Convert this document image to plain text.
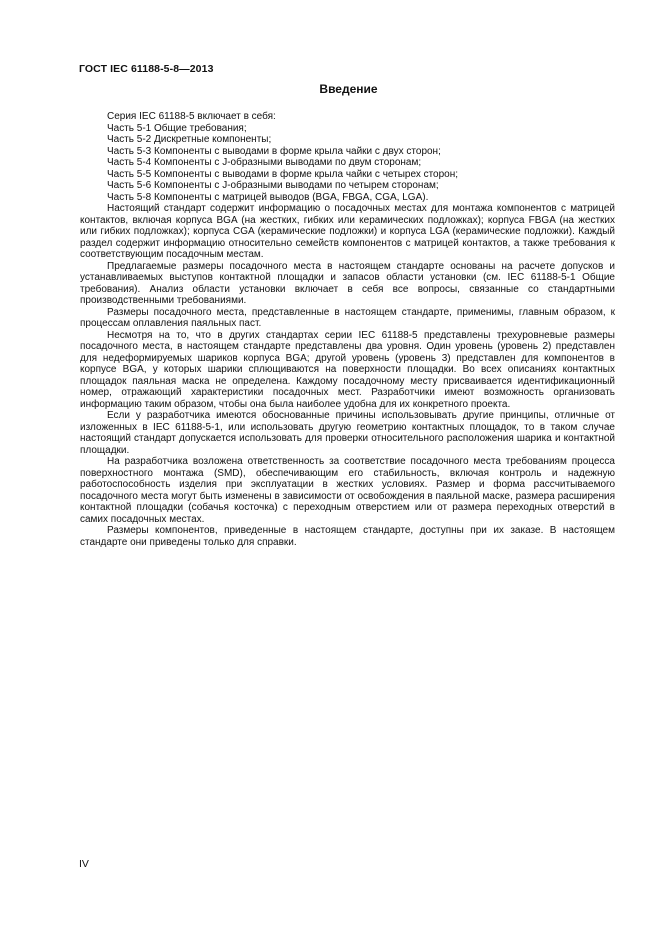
ГОСТ IEC 61188-5-8—2013
Введение

Серия IEC 61188-5 включает в себя:

Часть 5-1 Общие требования;

Часть 5-2 Дискретные компоненты;

Часть 5-3 Компоненты с выводами в форме крыла чайки с двух сторон;

Часть 5-4 Компоненты с J-образными выводами по двум сторонам;

Часть 5-5 Компоненты с выводами в форме крыла чайки с четырех сторон;

Часть 5-6 Компоненты с J-образными выводами по четырем сторонам;

Часть 5-8 Компоненты с матрицей выводов (BGA, FBGA, CGA, LGA).

Настоящий стандарт содержит информацию о посадочных местах для монтажа компонентов с матрицей контактов, включая корпуса BGA (на жестких, гибких или керамических подложках); корпуса FBGA (на жестких или гибких подложках); корпуса CGA (керамические подложки) и корпуса LGA (керамические подложки). Каждый раздел содержит информацию относительно семейств компонентов с матрицей контактов, а также требования к соответствующим посадочным местам.

Предлагаемые размеры посадочного места в настоящем стандарте основаны на расчете допусков и устанавливаемых выступов контактной площадки и запасов области установки (см. IEC 61188-5-1 Общие требования). Анализ области установки включает в себя все вопросы, связанные со стандартными производственными требованиями.

Размеры посадочного места, представленные в настоящем стандарте, применимы, главным образом, к процессам оплавления паяльных паст.

Несмотря на то, что в других стандартах серии IEC 61188-5 представлены трехуровневые размеры посадочного места, в настоящем стандарте представлены два уровня. Один уровень (уровень 2) представлен для недеформируемых шариков корпуса BGA; другой уровень (уровень 3) представлен для компонентов в корпусе BGA, у которых шарики сплющиваются на поверхности площадки. Во всех описаниях контактных площадок паяльная маска не определена. Каждому посадочному месту присваивается идентификационный номер, отражающий характеристики посадочных мест. Разработчики имеют возможность организовать информацию таким образом, чтобы она была наиболее удобна для их конкретного проекта.

Если у разработчика имеются обоснованные причины использовывать другие принципы, отличные от изложенных в IEC 61188-5-1, или использовать другую геометрию контактных площадок, то в таком случае настоящий стандарт допускается использовать для проверки относительного расположения шарика и контактной площадки.

На разработчика возложена ответственность за соответствие посадочного места требованиям процесса поверхностного монтажа (SMD), обеспечивающим его стабильность, включая контроль и надежную работоспособность изделия при эксплуатации в жестких условиях. Размер и форма рассчитываемого посадочного места могут быть изменены в зависимости от освобождения в паяльной маске, размера расширения контактной площадки (собачья косточка) с переходным отверстием или от размера переходных отверстий в самих посадочных местах.

Размеры компонентов, приведенные в настоящем стандарте, доступны при их заказе. В настоящем стандарте они приведены только для справки.

IV
